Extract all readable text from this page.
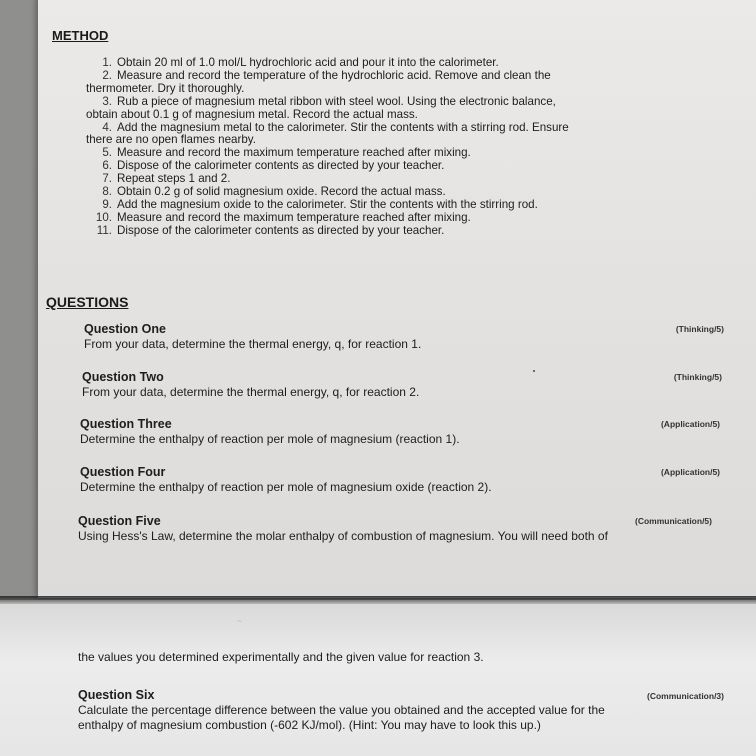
METHOD
1. Obtain 20 ml of 1.0 mol/L hydrochloric acid and pour it into the calorimeter.
2. Measure and record the temperature of the hydrochloric acid. Remove and clean the
thermometer. Dry it thoroughly.
3. Rub a piece of magnesium metal ribbon with steel wool. Using the electronic balance,
obtain about 0.1 g of magnesium metal. Record the actual mass.
4. Add the magnesium metal to the calorimeter. Stir the contents with a stirring rod. Ensure
there are no open flames nearby.
5. Measure and record the maximum temperature reached after mixing.
6. Dispose of the calorimeter contents as directed by your teacher.
7. Repeat steps 1 and 2.
8. Obtain 0.2 g of solid magnesium oxide. Record the actual mass.
9. Add the magnesium oxide to the calorimeter. Stir the contents with the stirring rod.
10. Measure and record the maximum temperature reached after mixing.
11. Dispose of the calorimeter contents as directed by your teacher.
QUESTIONS
Question One
From your data, determine the thermal energy, q, for reaction 1.
(Thinking/5)
Question Two
From your data, determine the thermal energy, q, for reaction 2.
(Thinking/5)
Question Three
Determine the enthalpy of reaction per mole of magnesium (reaction 1).
(Application/5)
Question Four
Determine the enthalpy of reaction per mole of magnesium oxide (reaction 2).
(Application/5)
Question Five
Using Hess's Law, determine the molar enthalpy of combustion of magnesium. You will need both of
(Communication/5)
~
the values you determined experimentally and the given value for reaction 3.
Question Six
Calculate the percentage difference between the value you obtained and the accepted value for the
enthalpy of magnesium combustion (-602 KJ/mol). (Hint: You may have to look this up.)
(Communication/3)
